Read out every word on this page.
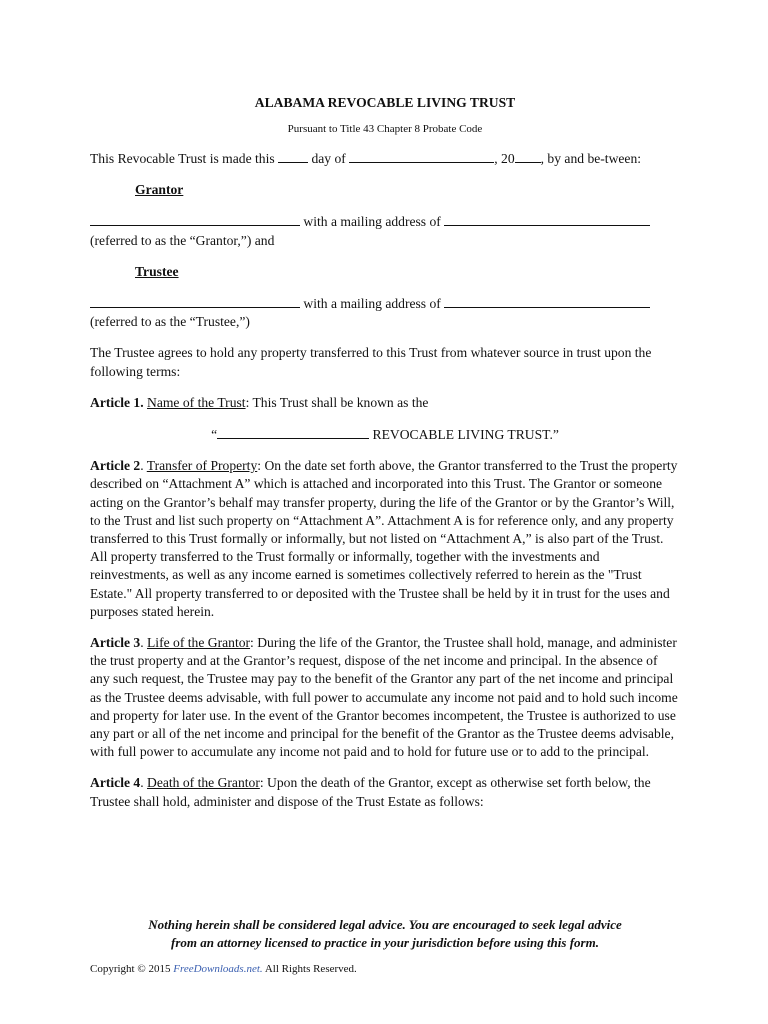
ALABAMA REVOCABLE LIVING TRUST

Pursuant to Title 43 Chapter 8 Probate Code

This Revocable Trust is made this	day of	, 20 , by and be-tween:

Grantor

with a mailing address of

(referred to as the “Grantor,”) and

Trustee

with a mailing address of

(referred to as the “Trustee,”)

The Trustee agrees to hold any property transferred to this Trust from whatever source in trust upon the following terms:

Article 1. Name of the Trust: This Trust shall be known as the

“	REVOCABLE LIVING TRUST.”

Article 2. Transfer of Property: On the date set forth above, the Grantor transferred to the Trust the property described on “Attachment A” which is attached and incorporated into this Trust. The Grantor or someone acting on the Grantor’s behalf may transfer property, during the life of the Grantor or by the Grantor’s Will, to the Trust and list such property on “Attachment A”. Attachment A is for reference only, and any property transferred to this Trust formally or informally, but not listed on “Attachment A,” is also part of the Trust. All property transferred to the Trust formally or informally, together with the investments and reinvestments, as well as any income earned is sometimes collectively referred to herein as the "Trust Estate." All property transferred to or deposited with the Trustee shall be held by it in trust for the uses and purposes stated herein.

Article 3. Life of the Grantor: During the life of the Grantor, the Trustee shall hold, manage, and administer the trust property and at the Grantor’s request, dispose of the net income and principal. In the absence of any such request, the Trustee may pay to the benefit of the Grantor any part of the net income and principal as the Trustee deems advisable, with full power to accumulate any income not paid and to hold such income and property for later use. In the event of the Grantor becomes incompetent, the Trustee is authorized to use any part or all of the net income and principal for the benefit of the Grantor as the Trustee deems advisable, with full power to accumulate any income not paid and to hold for future use or to add to the principal.

Article 4. Death of the Grantor: Upon the death of the Grantor, except as otherwise set forth below, the Trustee shall hold, administer and dispose of the Trust Estate as follows:

Nothing herein shall be considered legal advice. You are encouraged to seek legal advice
from an attorney licensed to practice in your jurisdiction before using this form.
Copyright © 2015 FreeDownloads.net. All Rights Reserved.
